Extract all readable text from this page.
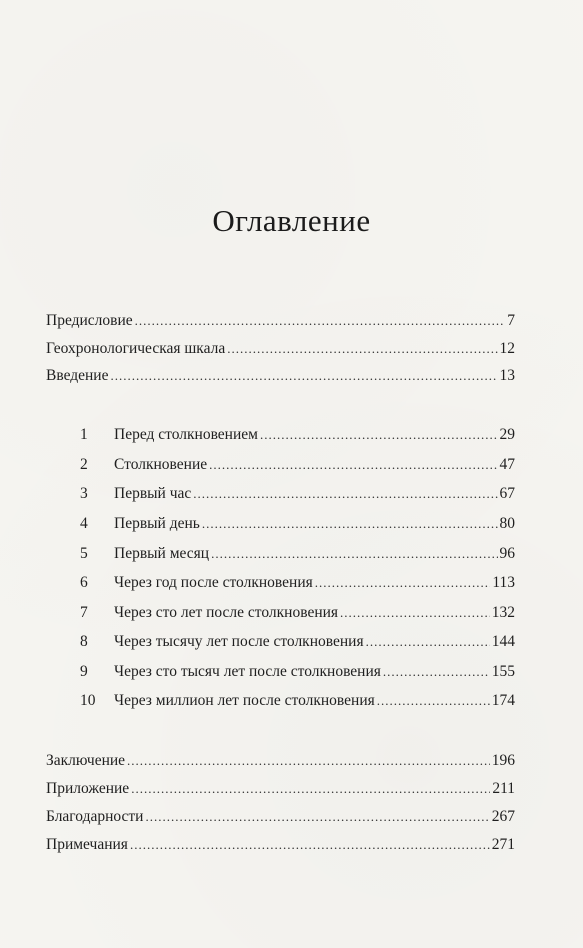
Оглавление
Предисловие .....	7
Геохронологическая шкала .....	12
Введение .....	13
1	Перед столкновением .....	29
2	Столкновение .....	47
3	Первый час .....	67
4	Первый день .....	80
5	Первый месяц .....	96
6	Через год после столкновения .....	113
7	Через сто лет после столкновения .....	132
8	Через тысячу лет после столкновения .....	144
9	Через сто тысяч лет после столкновения .....	155
10	Через миллион лет после столкновения .....	174
Заключение .....	196
Приложение .....	211
Благодарности .....	267
Примечания .....	271
